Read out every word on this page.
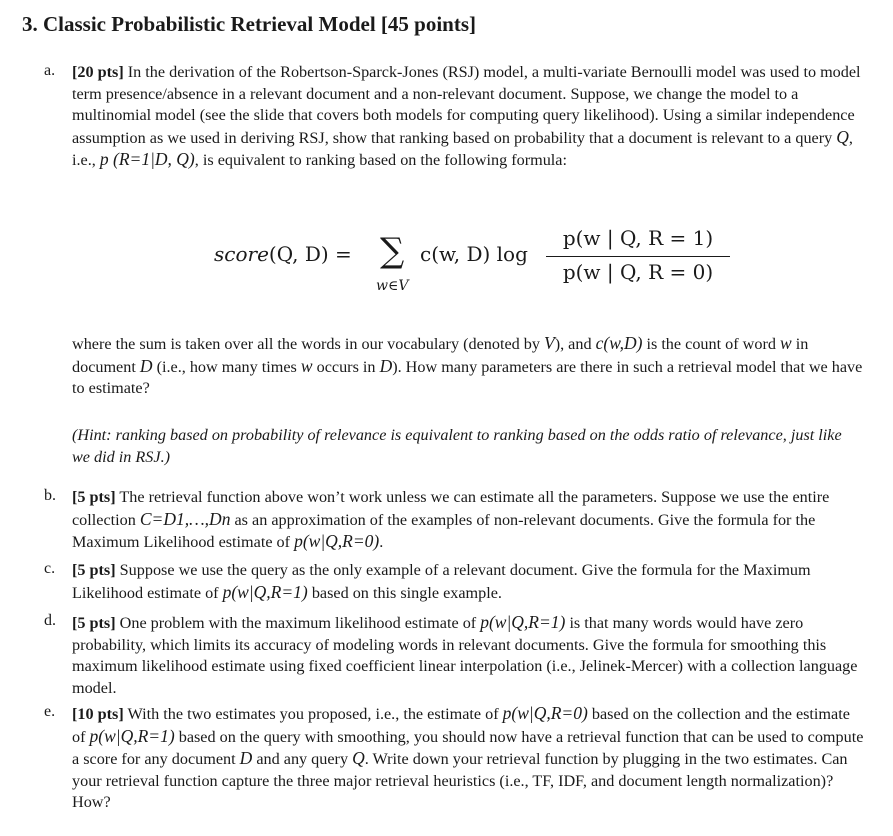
3. Classic Probabilistic Retrieval Model [45 points]
a. [20 pts] In the derivation of the Robertson-Sparck-Jones (RSJ) model, a multi-variate Bernoulli model was used to model term presence/absence in a relevant document and a non-relevant document. Suppose, we change the model to a multinomial model (see the slide that covers both models for computing query likelihood). Using a similar independence assumption as we used in deriving RSJ, show that ranking based on probability that a document is relevant to a query Q, i.e., p (R=1|D, Q), is equivalent to ranking based on the following formula:

score(Q, D) = ∑
w∈V
c(w, D) log
p(w | Q, R = 1)
p(w | Q, R = 0)

where the sum is taken over all the words in our vocabulary (denoted by V), and c(w,D) is the count of word w in document D (i.e., how many times w occurs in D). How many parameters are there in such a retrieval model that we have to estimate?

(Hint: ranking based on probability of relevance is equivalent to ranking based on the odds ratio of relevance, just like we did in RSJ.)

b. [5 pts] The retrieval function above won’t work unless we can estimate all the parameters. Suppose we use the entire collection C=D1,…,Dn as an approximation of the examples of non-relevant documents. Give the formula for the Maximum Likelihood estimate of p(w|Q,R=0).

c. [5 pts] Suppose we use the query as the only example of a relevant document. Give the formula for the Maximum Likelihood estimate of p(w|Q,R=1) based on this single example.

d. [5 pts] One problem with the maximum likelihood estimate of p(w|Q,R=1) is that many words would have zero probability, which limits its accuracy of modeling words in relevant documents. Give the formula for smoothing this maximum likelihood estimate using fixed coefficient linear interpolation (i.e., Jelinek-Mercer) with a collection language model.

e. [10 pts] With the two estimates you proposed, i.e., the estimate of p(w|Q,R=0) based on the collection and the estimate of p(w|Q,R=1) based on the query with smoothing, you should now have a retrieval function that can be used to compute a score for any document D and any query Q. Write down your retrieval function by plugging in the two estimates. Can your retrieval function capture the three major retrieval heuristics (i.e., TF, IDF, and document length normalization)? How?
